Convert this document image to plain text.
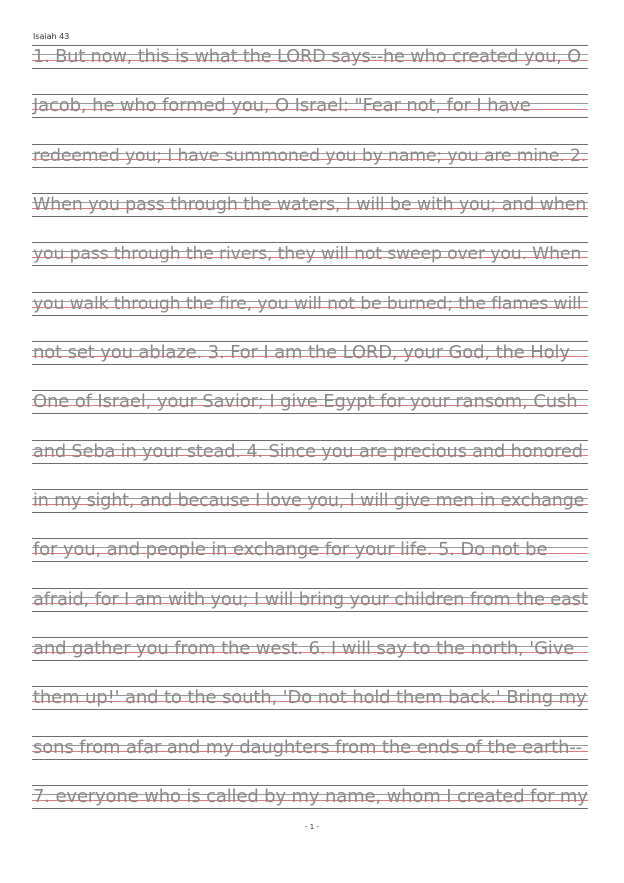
Isaiah 43
1. But now, this is what the LORD says--he who created you, O
Jacob, he who formed you, O Israel: "Fear not, for I have
redeemed you; I have summoned you by name; you are mine. 2.
When you pass through the waters, I will be with you; and when
you pass through the rivers, they will not sweep over you. When
you walk through the fire, you will not be burned; the flames will
not set you ablaze. 3. For I am the LORD, your God, the Holy
One of Israel, your Savior; I give Egypt for your ransom, Cush
and Seba in your stead. 4. Since you are precious and honored
in my sight, and because I love you, I will give men in exchange
for you, and people in exchange for your life. 5. Do not be
afraid, for I am with you; I will bring your children from the east
and gather you from the west. 6. I will say to the north, 'Give
them up!' and to the south, 'Do not hold them back.' Bring my
sons from afar and my daughters from the ends of the earth--
7. everyone who is called by my name, whom I created for my
- 1 -
